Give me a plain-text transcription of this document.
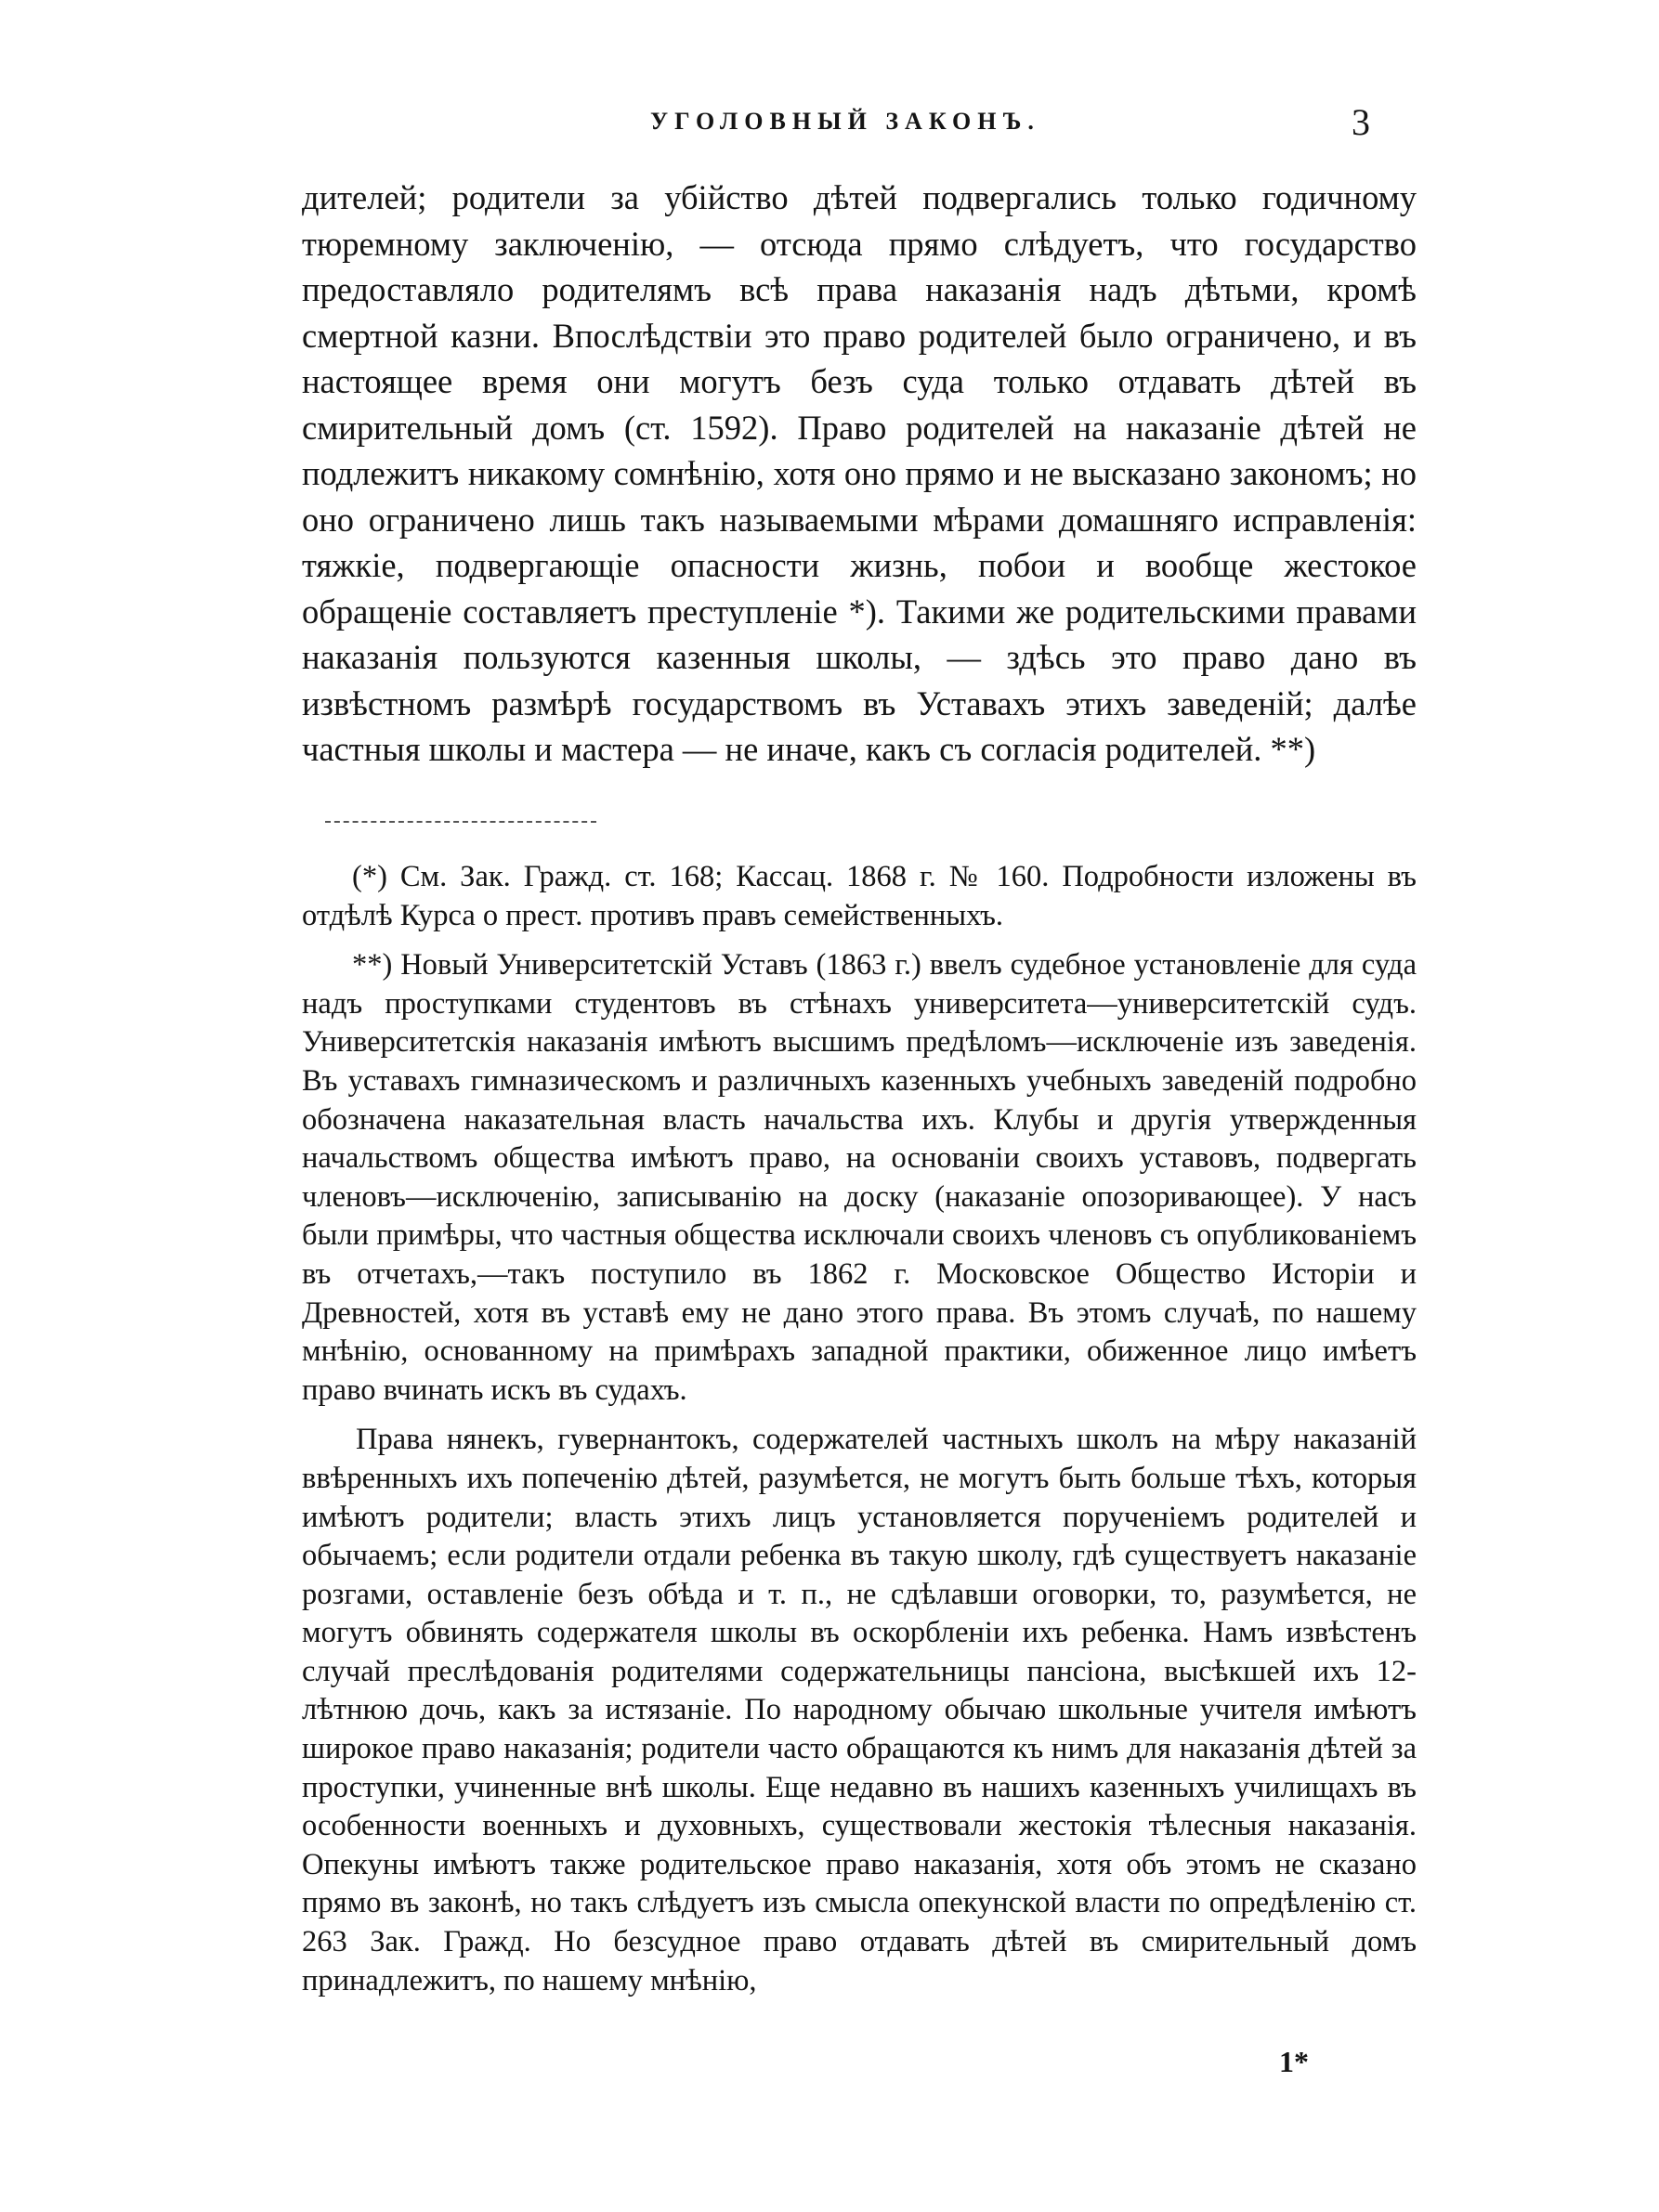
УГОЛОВНЫЙ ЗАКОНЪ.	3

дителей; родители за убійство дѣтей подвергались только годичному тюремному заключенію, — отсюда прямо слѣдуетъ, что государство предоставляло родителямъ всѣ права наказанія надъ дѣтьми, кромѣ смертной казни. Впослѣдствіи это право родителей было ограничено, и въ настоящее время они могутъ безъ суда только отдавать дѣтей въ смирительный домъ (ст. 1592). Право родителей на наказаніе дѣтей не подлежитъ никакому сомнѣнію, хотя оно прямо и не высказано закономъ; но оно ограничено лишь такъ называемыми мѣрами домашняго исправленія: тяжкіе, подвергающіе опасности жизнь, побои и вообще жестокое обращеніе составляетъ преступленіе *). Такими же родительскими правами наказанія пользуются казенныя школы, — здѣсь это право дано въ извѣстномъ размѣрѣ государствомъ въ Уставахъ этихъ заведеній; далѣе частныя школы и мастера — не иначе, какъ съ согласія родителей. **)

(*) См. Зак. Гражд. ст. 168; Кассац. 1868 г. № 160. Подробности изложены въ отдѣлѣ Курса о прест. противъ правъ семейственныхъ.

**) Новый Университетскій Уставъ (1863 г.) ввелъ судебное установленіе для суда надъ проступками студентовъ въ стѣнахъ университета—университетскій судъ. Университетскія наказанія имѣютъ высшимъ предѣломъ—исключеніе изъ заведенія. Въ уставахъ гимназическомъ и различныхъ казенныхъ учебныхъ заведеній подробно обозначена наказательная власть начальства ихъ. Клубы и другія утвержденныя начальствомъ общества имѣютъ право, на основаніи своихъ уставовъ, подвергать членовъ—исключенію, записыванію на доску (наказаніе опозоривающее). У насъ были примѣры, что частныя общества исключали своихъ членовъ съ опубликованіемъ въ отчетахъ,—такъ поступило въ 1862 г. Московское Общество Исторіи и Древностей, хотя въ уставѣ ему не дано этого права. Въ этомъ случаѣ, по нашему мнѣнію, основанному на примѣрахъ западной практики, обиженное лицо имѣетъ право вчинать искъ въ судахъ.

Права нянекъ, гувернантокъ, содержателей частныхъ школъ на мѣру наказаній ввѣренныхъ ихъ попеченію дѣтей, разумѣется, не могутъ быть больше тѣхъ, которыя имѣютъ родители; власть этихъ лицъ установляется порученіемъ родителей и обычаемъ; если родители отдали ребенка въ такую школу, гдѣ существуетъ наказаніе розгами, оставленіе безъ обѣда и т. п., не сдѣлавши оговорки, то, разумѣется, не могутъ обвинять содержателя школы въ оскорбленіи ихъ ребенка. Намъ извѣстенъ случай преслѣдованія родителями содержательницы пансіона, высѣкшей ихъ 12-лѣтнюю дочь, какъ за истязаніе. По народному обычаю школьные учителя имѣютъ широкое право наказанія; родители часто обращаются къ нимъ для наказанія дѣтей за проступки, учиненные внѣ школы. Еще недавно въ нашихъ казенныхъ училищахъ въ особенности военныхъ и духовныхъ, существовали жестокія тѣлесныя наказанія. Опекуны имѣютъ также родительское право наказанія, хотя объ этомъ не сказано прямо въ законѣ, но такъ слѣдуетъ изъ смысла опекунской власти по опредѣленію ст. 263 Зак. Гражд. Но безсудное право отдавать дѣтей въ смирительный домъ принадлежитъ, по нашему мнѣнію,

1*
